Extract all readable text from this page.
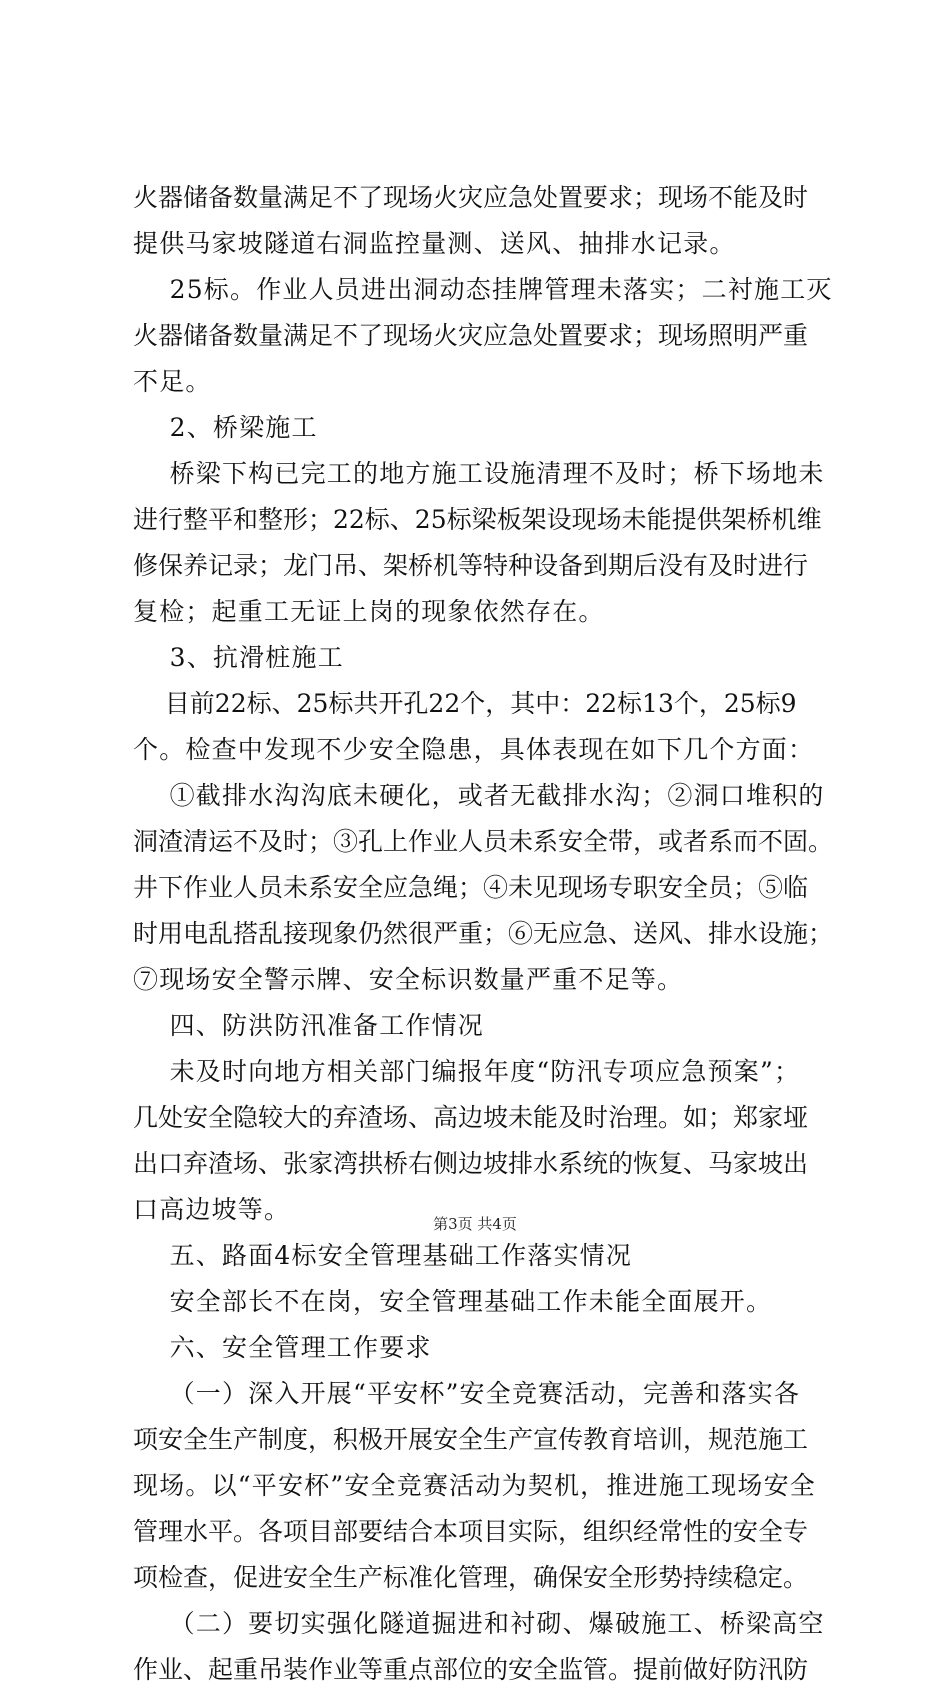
火器储备数量满足不了现场火灾应急处置要求；现场不能及时
提供马家坡隧道右洞监控量测、送风、抽排水记录。
25标。作业人员进出洞动态挂牌管理未落实；二衬施工灭
火器储备数量满足不了现场火灾应急处置要求；现场照明严重
不足。
2、桥梁施工
桥梁下构已完工的地方施工设施清理不及时；桥下场地未
进行整平和整形；22标、25标梁板架设现场未能提供架桥机维
修保养记录；龙门吊、架桥机等特种设备到期后没有及时进行
复检；起重工无证上岗的现象依然存在。
3、抗滑桩施工
目前22标、25标共开孔22个，其中：22标13个，25标9
个。检查中发现不少安全隐患，具体表现在如下几个方面：
①截排水沟沟底未硬化，或者无截排水沟；②洞口堆积的
洞渣清运不及时；③孔上作业人员未系安全带，或者系而不固。
井下作业人员未系安全应急绳；④未见现场专职安全员；⑤临
时用电乱搭乱接现象仍然很严重；⑥无应急、送风、排水设施；
⑦现场安全警示牌、安全标识数量严重不足等。
四、防洪防汛准备工作情况
未及时向地方相关部门编报年度“防汛专项应急预案”；
几处安全隐较大的弃渣场、高边坡未能及时治理。如；郑家垭
出口弃渣场、张家湾拱桥右侧边坡排水系统的恢复、马家坡出
口高边坡等。
五、路面4标安全管理基础工作落实情况
安全部长不在岗，安全管理基础工作未能全面展开。
六、安全管理工作要求
（一）深入开展“平安杯”安全竞赛活动，完善和落实各
项安全生产制度，积极开展安全生产宣传教育培训，规范施工
现场。以“平安杯”安全竞赛活动为契机，推进施工现场安全
管理水平。各项目部要结合本项目实际，组织经常性的安全专
项检查，促进安全生产标准化管理，确保安全形势持续稳定。
（二）要切实强化隧道掘进和衬砌、爆破施工、桥梁高空
作业、起重吊装作业等重点部位的安全监管。提前做好防汛防
第3页 共4页
